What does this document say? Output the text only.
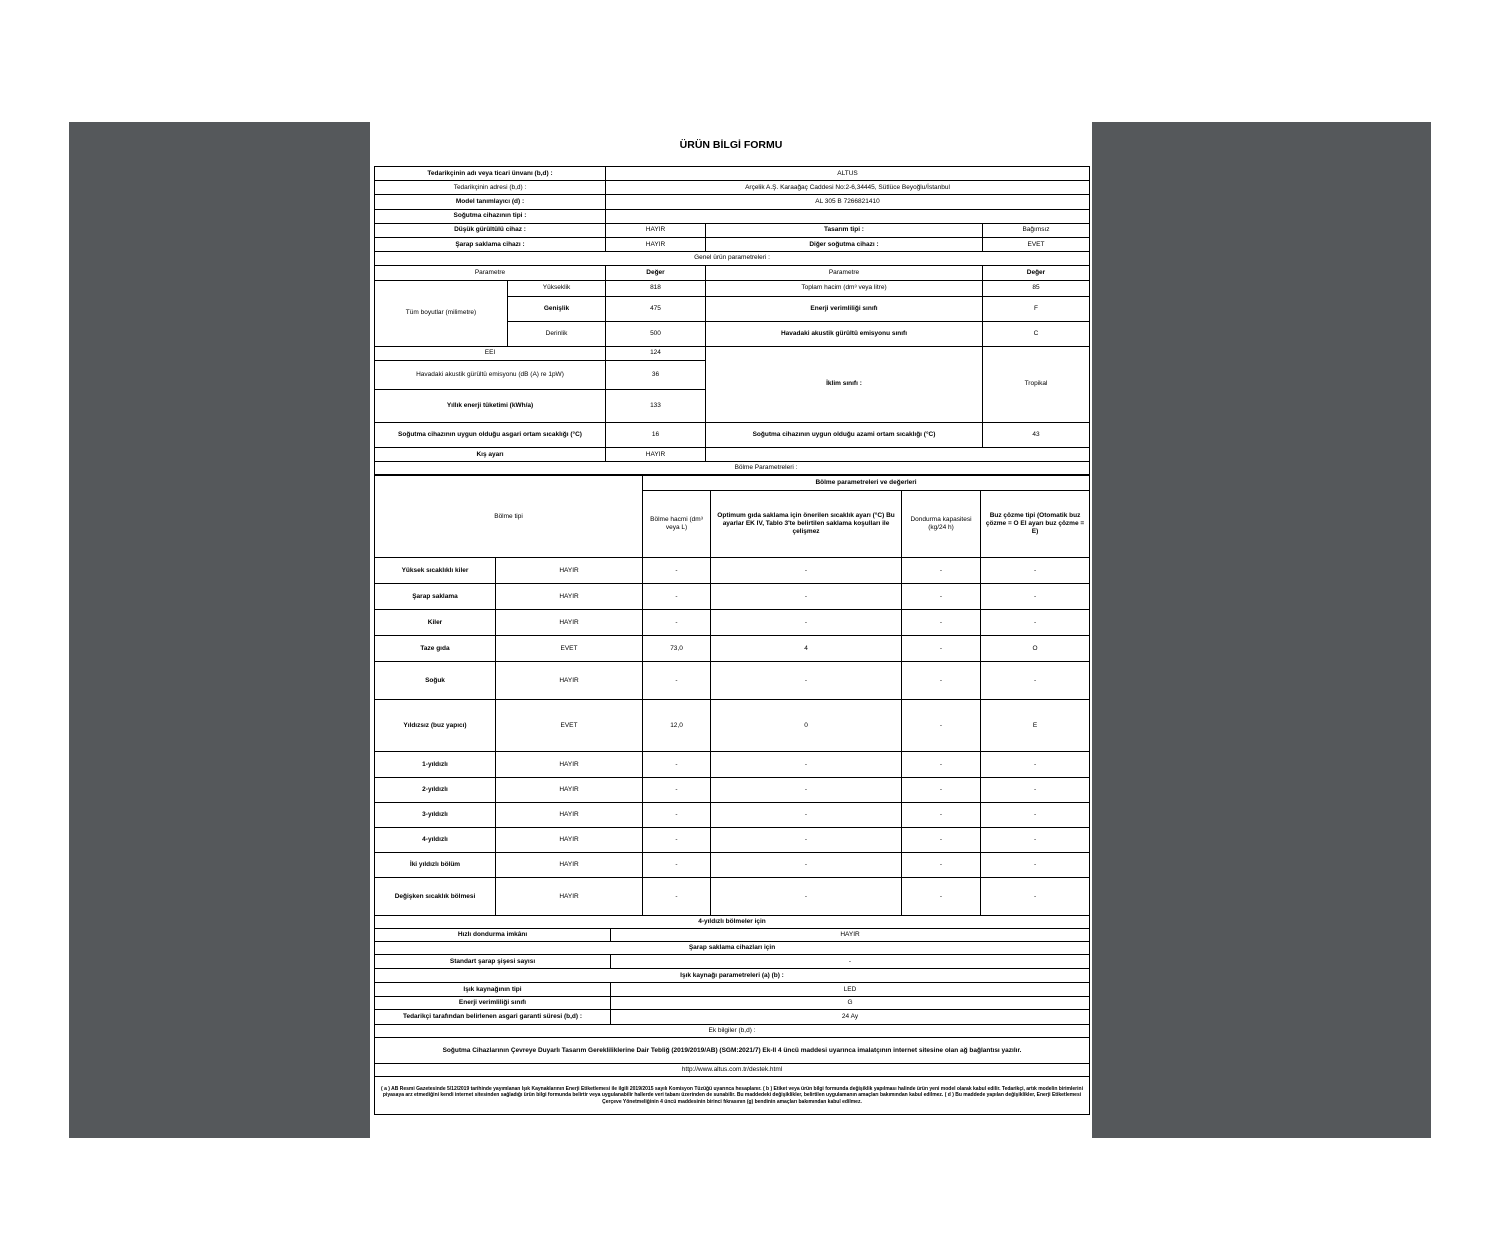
ÜRÜN BİLGİ FORMU
Tedarikçinin adı veya ticari ünvanı (b,d) :		ALTUS		
Tedarikçinin adresi (b,d) :		Arçelik A.Ş. Karaağaç Caddesi No:2-6,34445, Sütlüce Beyoğlu/İstanbul		
Model tanımlayıcı (d) :		AL 305 B 7266821410		
Soğutma cihazının tipi :				
Düşük gürültülü cihaz :		HAYIR	Tasarım tipi :	Bağımsız
Şarap saklama cihazı :		HAYIR	Diğer soğutma cihazı :	EVET
Genel ürün parametreleri :				
Parametre		Değer	Parametre	Değer
Tüm boyutlar (milimetre)	Yükseklik	818	Toplam hacim (dm³ veya litre)	85
	Genişlik	475	Enerji verimliliği sınıfı	F
	Derinlik	500	Havadaki akustik gürültü emisyonu sınıfı	C
EEI		124	İklim sınıfı :	Tropikal
Havadaki akustik gürültü emisyonu (dB (A) re 1pW)		36		
Yıllık enerji tüketimi (kWh/a)		133		
Soğutma cihazının uygun olduğu asgari ortam sıcaklığı (°C)		16	Soğutma cihazının uygun olduğu azami ortam sıcaklığı (°C)	43
Kış ayarı		HAYIR		
Bölme Parametreleri :				
Bölme tipi		Bölme parametreleri ve değerleri			
		Bölme hacmi (dm³ veya L)	Optimum gıda saklama için önerilen sıcaklık ayarı (°C) Bu ayarlar EK IV, Tablo 3'te belirtilen saklama koşulları ile çelişmez	Dondurma kapasitesi (kg/24 h)	Buz çözme tipi (Otomatik buz çözme = O El ayarı buz çözme = E)
Yüksek sıcaklıklı kiler	HAYIR	-	-	-	-
Şarap saklama	HAYIR	-	-	-	-
Kiler	HAYIR	-	-	-	-
Taze gıda	EVET	73,0	4	-	O
Soğuk	HAYIR	-	-	-	-
Yıldızsız (buz yapıcı)	EVET	12,0	0	-	E
1-yıldızlı	HAYIR	-	-	-	-
2-yıldızlı	HAYIR	-	-	-	-
3-yıldızlı	HAYIR	-	-	-	-
4-yıldızlı	HAYIR	-	-	-	-
İki yıldızlı bölüm	HAYIR	-	-	-	-
Değişken sıcaklık bölmesi	HAYIR	-	-	-	-
4-yıldızlı bölmeler için	
Hızlı dondurma imkânı	HAYIR
Şarap saklama cihazları için	
Standart şarap şişesi sayısı	-
Işık kaynağı parametreleri (a) (b) :	
Işık kaynağının tipi	LED
Enerji verimliliği sınıfı	G
Tedarikçi tarafından belirlenen asgari garanti süresi (b,d) :	24 Ay
Ek bilgiler (b,d) :	
Soğutma Cihazlarının Çevreye Duyarlı Tasarım Gerekliliklerine Dair Tebliğ (2019/2019/AB) (SGM:2021/7) Ek-II 4 üncü maddesi uyarınca imalatçının internet sitesine olan ağ bağlantısı yazılır.	
http://www.altus.com.tr/destek.html	
( a ) AB Resmi Gazetesinde 5/12/2019 tarihinde yayımlanan Işık Kaynaklarının Enerji Etiketlemesi ile ilgili 2019/2015 sayılı Komisyon Tüzüğü uyarınca hesaplanır. ( b ) Etiket veya ürün bilgi formunda değişiklik yapılması halinde ürün yeni model olarak kabul edilir. Tedarikçi, artık modelin birimlerini piyasaya arz etmediğini kendi internet sitesinden sağladığı ürün bilgi formunda belirtir veya uygulanabilir hallerde veri tabanı üzerinden de sunabilir. Bu maddedeki değişiklikler, belirtilen uygulamanın amaçları bakımından kabul edilmez. ( d ) Bu maddede yapılan değişiklikler, Enerji Etiketlemesi Çerçeve Yönetmeliğinin 4 üncü maddesinin birinci fıkrasının (g) bendinin amaçları bakımından kabul edilmez.	
